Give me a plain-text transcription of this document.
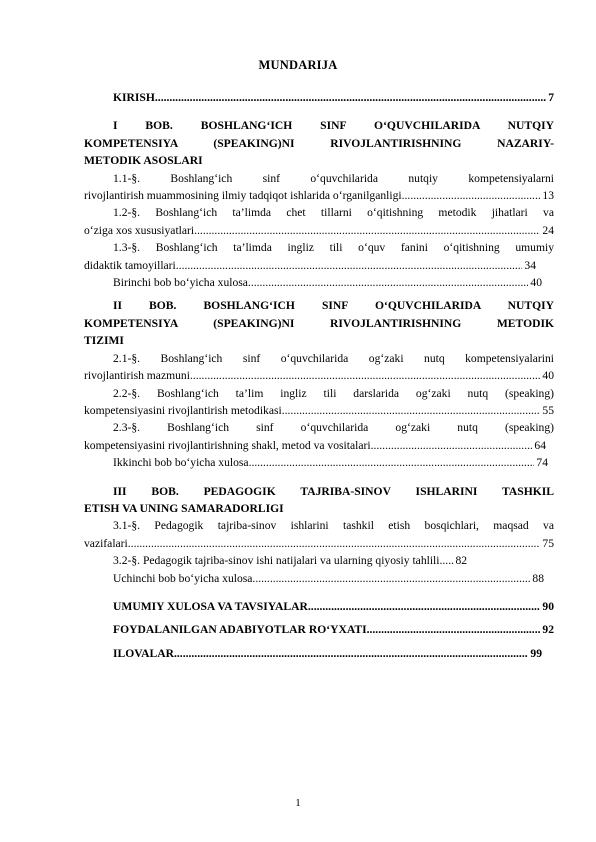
MUNDARIJA
KIRISH .....	7
I BOB. BOSHLANG‘ICH SINF O‘QUVCHILARIDA NUTQIY
KOMPETENSIYA (SPEAKING)NI RIVOJLANTIRISHNING NAZARIY-
METODIK ASOSLARI
1.1-§. Boshlang‘ich sinf o‘quvchilarida nutqiy kompetensiyalarni
rivojlantirish muammosining ilmiy tadqiqot ishlarida o‘rganilganligi .....	13
1.2-§. Boshlang‘ich ta’limda chet tillarni o‘qitishning metodik jihatlari va
o‘ziga xos xususiyatlari .....	24
1.3-§. Boshlang‘ich ta’limda ingliz tili o‘quv fanini o‘qitishning umumiy
didaktik tamoyillari .....	34
Birinchi bob bo‘yicha xulosa .....	40
II BOB. BOSHLANG‘ICH SINF O‘QUVCHILARIDA NUTQIY
KOMPETENSIYA (SPEAKING)NI RIVOJLANTIRISHNING METODIK
TIZIMI
2.1-§. Boshlang‘ich sinf o‘quvchilarida og‘zaki nutq kompetensiyalarini
rivojlantirish mazmuni .....	40
2.2-§. Boshlang‘ich ta’lim ingliz tili darslarida og‘zaki nutq (speaking)
kompetensiyasini rivojlantirish metodikasi .....	55
2.3-§. Boshlang‘ich sinf o‘quvchilarida og‘zaki nutq (speaking)
kompetensiyasini rivojlantirishning shakl, metod va vositalari .....	64
Ikkinchi bob bo‘yicha xulosa .....	74
III BOB. PEDAGOGIK TAJRIBA-SINOV ISHLARINI TASHKIL
ETISH VA UNING SAMARADORLIGI
3.1-§. Pedagogik tajriba-sinov ishlarini tashkil etish bosqichlari, maqsad va
vazifalari .....	75
3.2-§. Pedagogik tajriba-sinov ishi natijalari va ularning qiyosiy tahlili ..... 82
Uchinchi bob bo‘yicha xulosa .....	88
UMUMIY XULOSA VA TAVSIYALAR .....	90
FOYDALANILGAN ADABIYOTLAR RO‘YXATI .....	92
ILOVALAR .....	99
1
